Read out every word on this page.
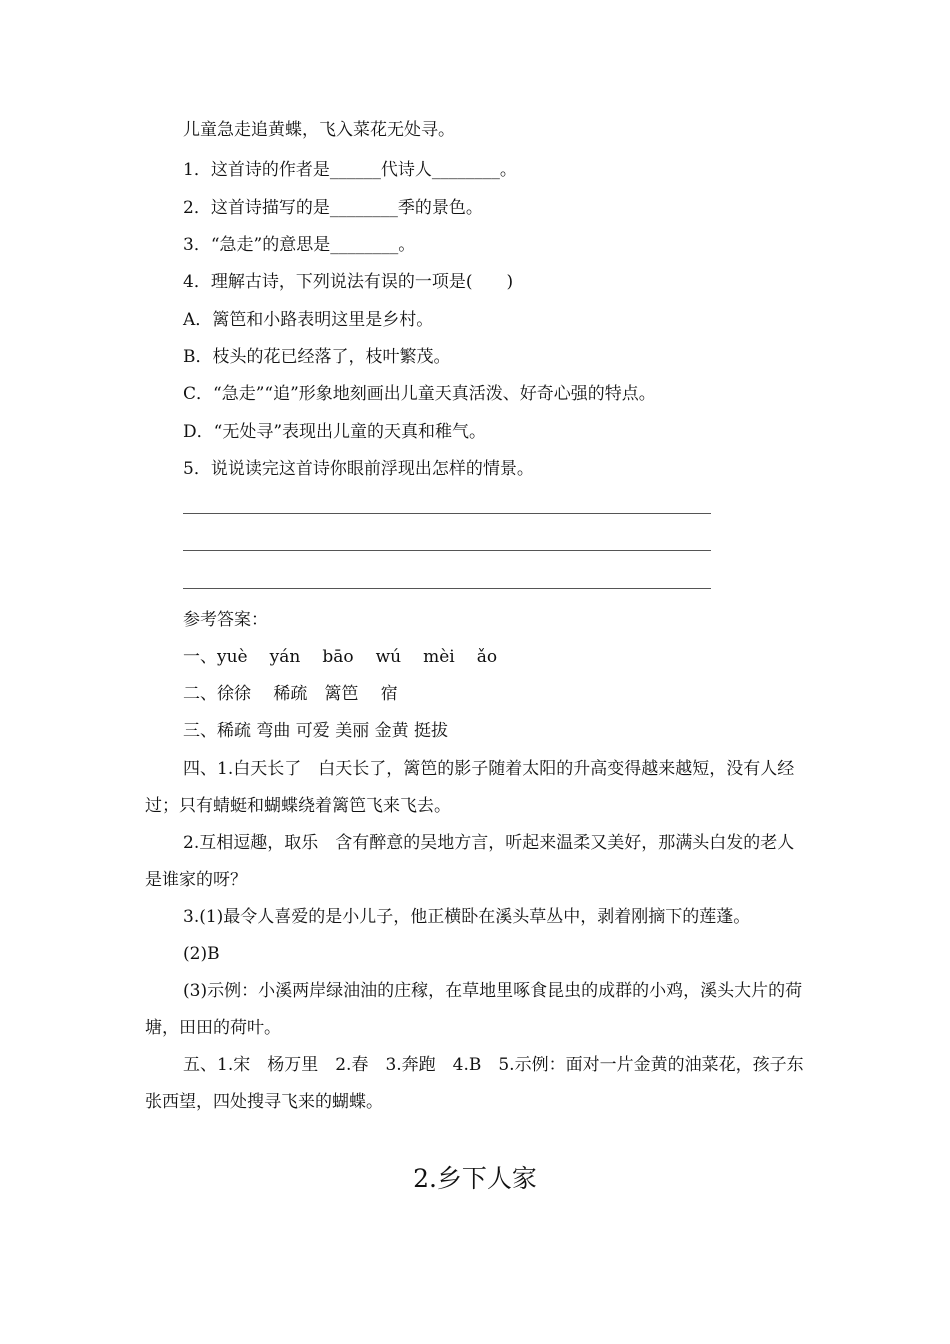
儿童急走追黄蝶，飞入菜花无处寻。
1．这首诗的作者是______代诗人________。
2．这首诗描写的是________季的景色。
3．“急走”的意思是________。
4．理解古诗，下列说法有误的一项是(　　)
A．篱笆和小路表明这里是乡村。
B．枝头的花已经落了，枝叶繁茂。
C．“急走”“追”形象地刻画出儿童天真活泼、好奇心强的特点。
D．“无处寻”表现出儿童的天真和稚气。
5．说说读完这首诗你眼前浮现出怎样的情景。
参考答案：
一、yuè yán bāo wú mèi ǎo
二、徐徐　 稀疏　篱笆　 宿
三、稀疏 弯曲 可爱 美丽 金黄 挺拔
四、1.白天长了　白天长了，篱笆的影子随着太阳的升高变得越来越短，没有人经过；只有蜻蜓和蝴蝶绕着篱笆飞来飞去。
2.互相逗趣，取乐　含有醉意的吴地方言，听起来温柔又美好，那满头白发的老人是谁家的呀？
3.(1)最令人喜爱的是小儿子，他正横卧在溪头草丛中，剥着刚摘下的莲蓬。
(2)B
(3)示例：小溪两岸绿油油的庄稼，在草地里啄食昆虫的成群的小鸡，溪头大片的荷塘，田田的荷叶。
五、1.宋　杨万里　2.春　3.奔跑　4.B　5.示例：面对一片金黄的油菜花，孩子东张西望，四处搜寻飞来的蝴蝶。
2.乡下人家
